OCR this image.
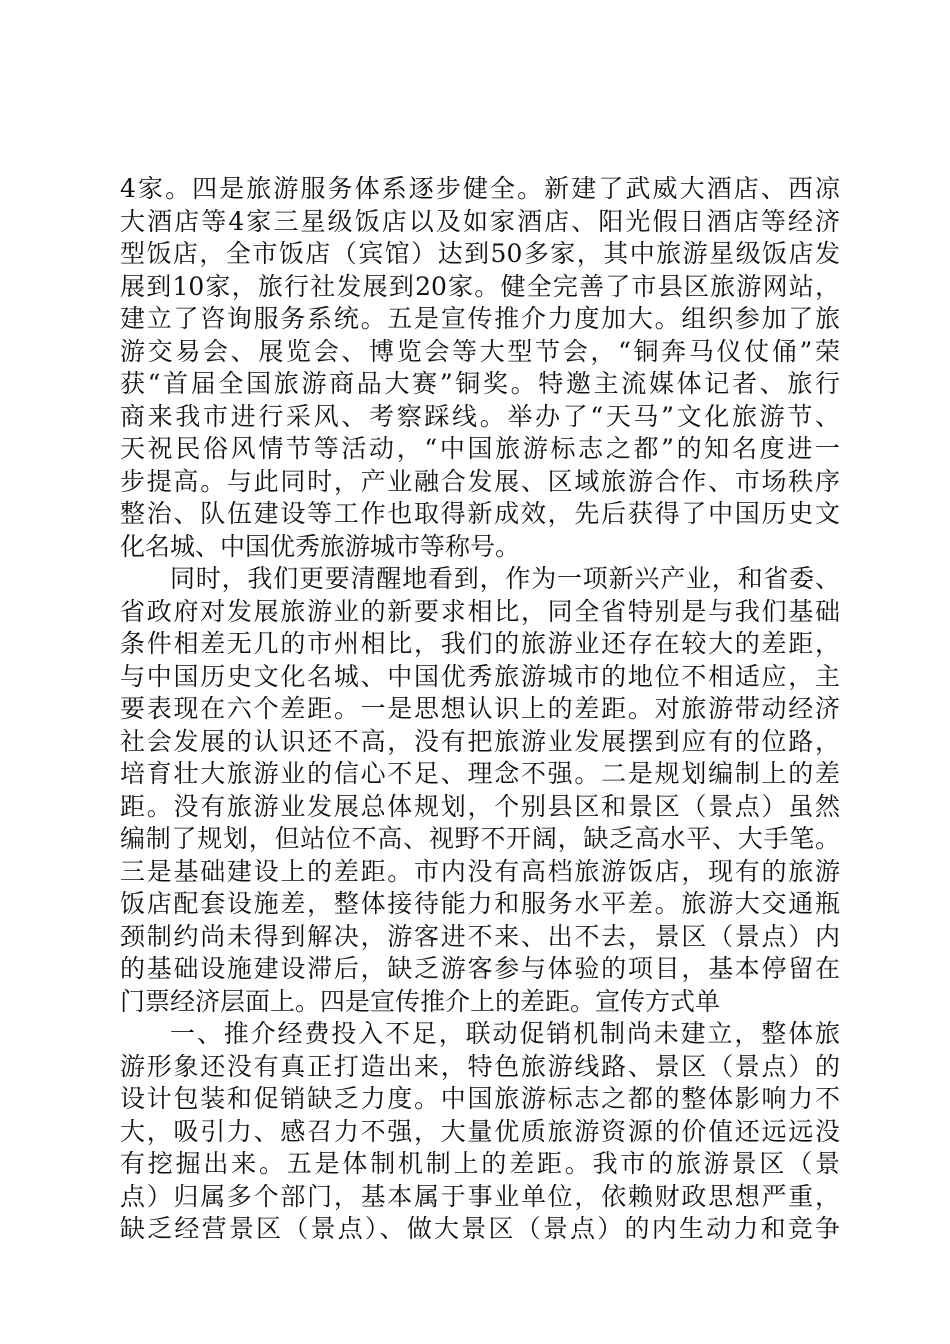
4家。四是旅游服务体系逐步健全。新建了武威大酒店、西凉
大酒店等4家三星级饭店以及如家酒店、阳光假日酒店等经济
型饭店，全市饭店（宾馆）达到50多家，其中旅游星级饭店发
展到10家，旅行社发展到20家。健全完善了市县区旅游网站，
建立了咨询服务系统。五是宣传推介力度加大。组织参加了旅
游交易会、展览会、博览会等大型节会，“铜奔马仪仗俑”荣
获“首届全国旅游商品大赛”铜奖。特邀主流媒体记者、旅行
商来我市进行采风、考察踩线。举办了“天马”文化旅游节、
天祝民俗风情节等活动，“中国旅游标志之都”的知名度进一
步提高。与此同时，产业融合发展、区域旅游合作、市场秩序
整治、队伍建设等工作也取得新成效，先后获得了中国历史文
化名城、中国优秀旅游城市等称号。
同时，我们更要清醒地看到，作为一项新兴产业，和省委、
省政府对发展旅游业的新要求相比，同全省特别是与我们基础
条件相差无几的市州相比，我们的旅游业还存在较大的差距，
与中国历史文化名城、中国优秀旅游城市的地位不相适应，主
要表现在六个差距。一是思想认识上的差距。对旅游带动经济
社会发展的认识还不高，没有把旅游业发展摆到应有的位路，
培育壮大旅游业的信心不足、理念不强。二是规划编制上的差
距。没有旅游业发展总体规划，个别县区和景区（景点）虽然
编制了规划，但站位不高、视野不开阔，缺乏高水平、大手笔。
三是基础建设上的差距。市内没有高档旅游饭店，现有的旅游
饭店配套设施差，整体接待能力和服务水平差。旅游大交通瓶
颈制约尚未得到解决，游客进不来、出不去，景区（景点）内
的基础设施建设滞后，缺乏游客参与体验的项目，基本停留在
门票经济层面上。四是宣传推介上的差距。宣传方式单
一、推介经费投入不足，联动促销机制尚未建立，整体旅
游形象还没有真正打造出来，特色旅游线路、景区（景点）的
设计包装和促销缺乏力度。中国旅游标志之都的整体影响力不
大，吸引力、感召力不强，大量优质旅游资源的价值还远远没
有挖掘出来。五是体制机制上的差距。我市的旅游景区（景
点）归属多个部门，基本属于事业单位，依赖财政思想严重，
缺乏经营景区（景点）、做大景区（景点）的内生动力和竞争
